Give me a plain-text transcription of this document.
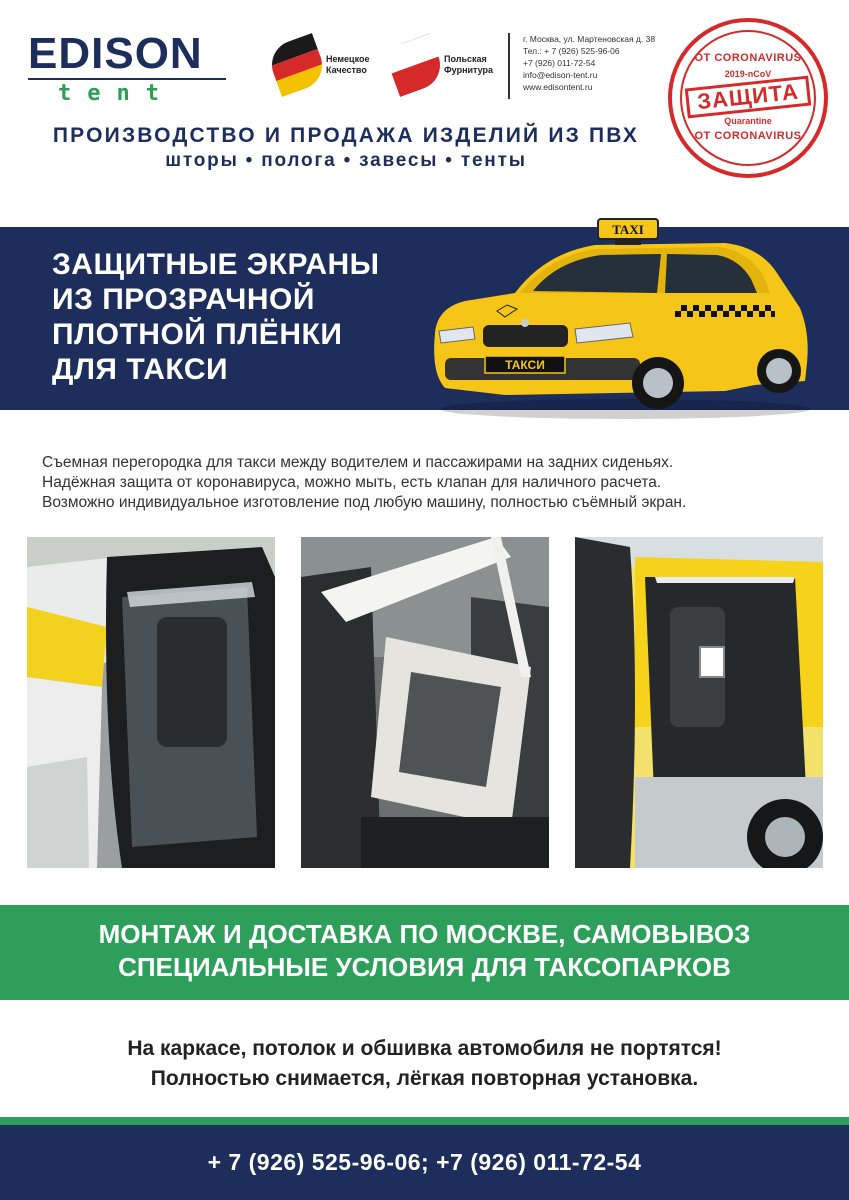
EDISON
tent
Немецкое
Качество
Польская
Фурнитура
г. Москва, ул. Мартеновская д. 38
Тел.: + 7 (926) 525-96-06
+7 (926) 011-72-54
info@edison-tent.ru
www.edisontent.ru
ПРОИЗВОДСТВО И ПРОДАЖА ИЗДЕЛИЙ ИЗ ПВХ
шторы • полога • завесы • тенты
ОТ CORONAVIRUS
2019-nCoV
ЗАЩИТА
Quarantine
ОТ CORONAVIRUS
ЗАЩИТНЫЕ ЭКРАНЫ
ИЗ ПРОЗРАЧНОЙ
ПЛОТНОЙ ПЛЁНКИ
ДЛЯ ТАКСИ	ТАКСИ
TAXI
Съемная перегородка для такси между водителем и пассажирами на задних сиденьях.
Надёжная защита от коронавируса, можно мыть, есть клапан для наличного расчета.
Возможно индивидуальное изготовление под любую машину, полностью съёмный экран.
МОНТАЖ И ДОСТАВКА ПО МОСКВЕ, САМОВЫВОЗ
СПЕЦИАЛЬНЫЕ УСЛОВИЯ ДЛЯ ТАКСОПАРКОВ
На каркасе, потолок и обшивка автомобиля не портятся!
Полностью снимается, лёгкая повторная установка.
+ 7 (926) 525-96-06; +7 (926) 011-72-54
